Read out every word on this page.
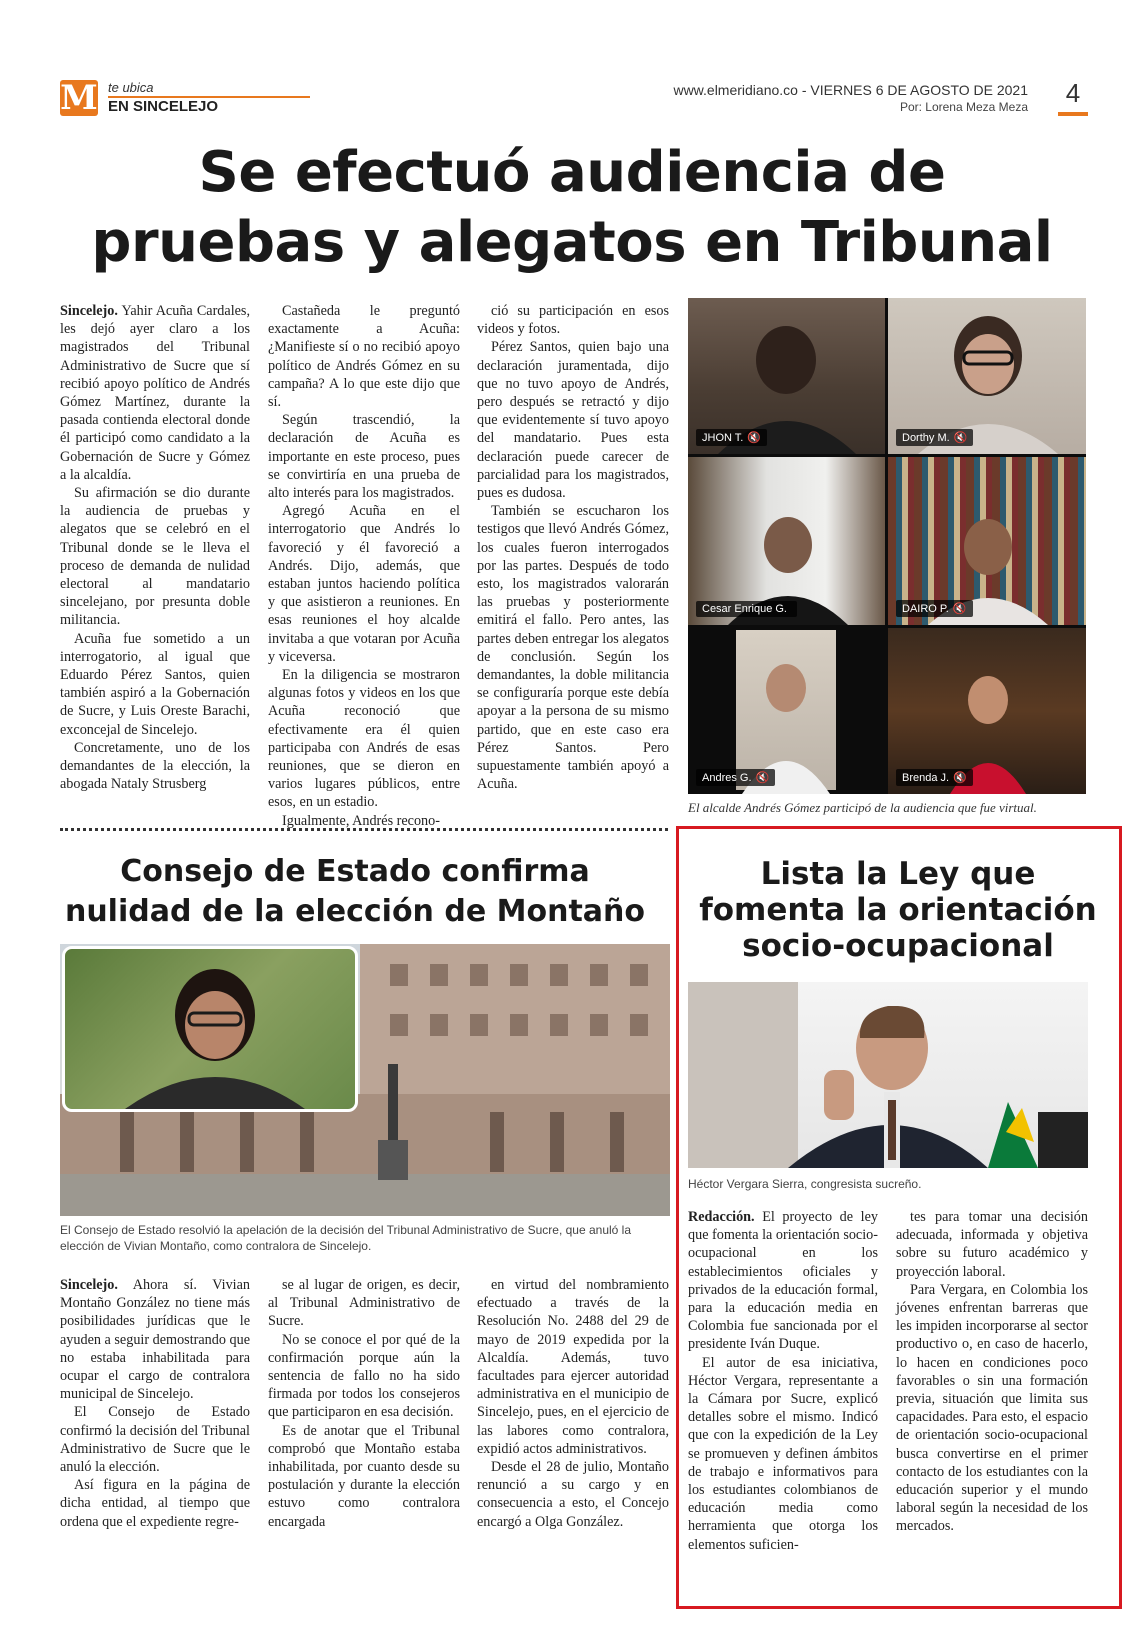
M te ubica
EN SINCELEJO
www.elmeridiano.co - VIERNES 6 DE AGOSTO DE 2021
Por: Lorena Meza Meza 4
Se efectuó audiencia de
pruebas y alegatos en Tribunal

Sincelejo. Yahir Acuña Cardales, les dejó ayer claro a los magistrados del Tribunal Administrativo de Sucre que sí recibió apoyo político de Andrés Gómez Martínez, durante la pasada contienda electoral donde él participó como candidato a la Gobernación de Sucre y Gómez a la alcaldía.

Su afirmación se dio durante la audiencia de pruebas y alegatos que se celebró en el Tribunal donde se le lleva el proceso de demanda de nulidad electoral al mandatario sincelejano, por presunta doble militancia.

Acuña fue sometido a un interrogatorio, al igual que Eduardo Pérez Santos, quien también aspiró a la Gobernación de Sucre, y Luis Oreste Barachi, exconcejal de Sincelejo.

Concretamente, uno de los demandantes de la elección, la abogada Nataly Strusberg

Castañeda le preguntó exactamente a Acuña: ¿Manifieste sí o no recibió apoyo político de Andrés Gómez en su campaña? A lo que este dijo que sí.

Según trascendió, la declaración de Acuña es importante en este proceso, pues se convirtiría en una prueba de alto interés para los magistrados.

Agregó Acuña en el interrogatorio que Andrés lo favoreció y él favoreció a Andrés. Dijo, además, que estaban juntos haciendo política y que asistieron a reuniones. En esas reuniones el hoy alcalde invitaba a que votaran por Acuña y viceversa.

En la diligencia se mostraron algunas fotos y videos en los que Acuña reconoció que efectivamente era él quien participaba con Andrés de esas reuniones, que se dieron en varios lugares públicos, entre esos, en un estadio.

Igualmente, Andrés recono-

ció su participación en esos videos y fotos.

Pérez Santos, quien bajo una declaración juramentada, dijo que no tuvo apoyo de Andrés, pero después se retractó y dijo que evidentemente sí tuvo apoyo del mandatario. Pues esta declaración puede carecer de parcialidad para los magistrados, pues es dudosa.

También se escucharon los testigos que llevó Andrés Gómez, los cuales fueron interrogados por las partes. Después de todo esto, los magistrados valorarán las pruebas y posteriormente emitirá el fallo. Pero antes, las partes deben entregar los alegatos de conclusión. Según los demandantes, la doble militancia se configuraría porque este debía apoyar a la persona de su mismo partido, que en este caso era Pérez Santos. Pero supuestamente también apoyó a Acuña.

JHON T. 🔇	Dorthy M. 🔇
Cesar Enrique G.	DAIRO P. 🔇
Andres G. 🔇	Brenda J. 🔇
El alcalde Andrés Gómez participó de la audiencia que fue virtual.
Consejo de Estado confirma
nulidad de la elección de Montaño
El Consejo de Estado resolvió la apelación de la decisión del Tribunal Administrativo de Sucre, que anuló la elección de Vivian Montaño, como contralora de Sincelejo.

Sincelejo. Ahora sí. Vivian Montaño González no tiene más posibilidades jurídicas que le ayuden a seguir demostrando que no estaba inhabilitada para ocupar el cargo de contralora municipal de Sincelejo.

El Consejo de Estado confirmó la decisión del Tribunal Administrativo de Sucre que le anuló la elección.

Así figura en la página de dicha entidad, al tiempo que ordena que el expediente regre-

se al lugar de origen, es decir, al Tribunal Administrativo de Sucre.

No se conoce el por qué de la confirmación porque aún la sentencia de fallo no ha sido firmada por todos los consejeros que participaron en esa decisión.

Es de anotar que el Tribunal comprobó que Montaño estaba inhabilitada, por cuanto desde su postulación y durante la elección estuvo como contralora encargada

en virtud del nombramiento efectuado a través de la Resolución No. 2488 del 29 de mayo de 2019 expedida por la Alcaldía. Además, tuvo facultades para ejercer autoridad administrativa en el municipio de Sincelejo, pues, en el ejercicio de las labores como contralora, expidió actos administrativos.

Desde el 28 de julio, Montaño renunció a su cargo y en consecuencia a esto, el Concejo encargó a Olga González.

Lista la Ley que
fomenta la orientación
socio-ocupacional
Héctor Vergara Sierra, congresista sucreño.

Redacción. El proyecto de ley que fomenta la orientación socio-ocupacional en los establecimientos oficiales y privados de la educación formal, para la educación media en Colombia fue sancionada por el presidente Iván Duque.

El autor de esa iniciativa, Héctor Vergara, representante a la Cámara por Sucre, explicó detalles sobre el mismo. Indicó que con la expedición de la Ley se promueven y definen ámbitos de trabajo e informativos para los estudiantes colombianos de educación media como herramienta que otorga los elementos suficien-

tes para tomar una decisión adecuada, informada y objetiva sobre su futuro académico y proyección laboral.

Para Vergara, en Colombia los jóvenes enfrentan barreras que les impiden incorporarse al sector productivo o, en caso de hacerlo, lo hacen en condiciones poco favorables o sin una formación previa, situación que limita sus capacidades. Para esto, el espacio de orientación socio-ocupacional busca convertirse en el primer contacto de los estudiantes con la educación superior y el mundo laboral según la necesidad de los mercados.
